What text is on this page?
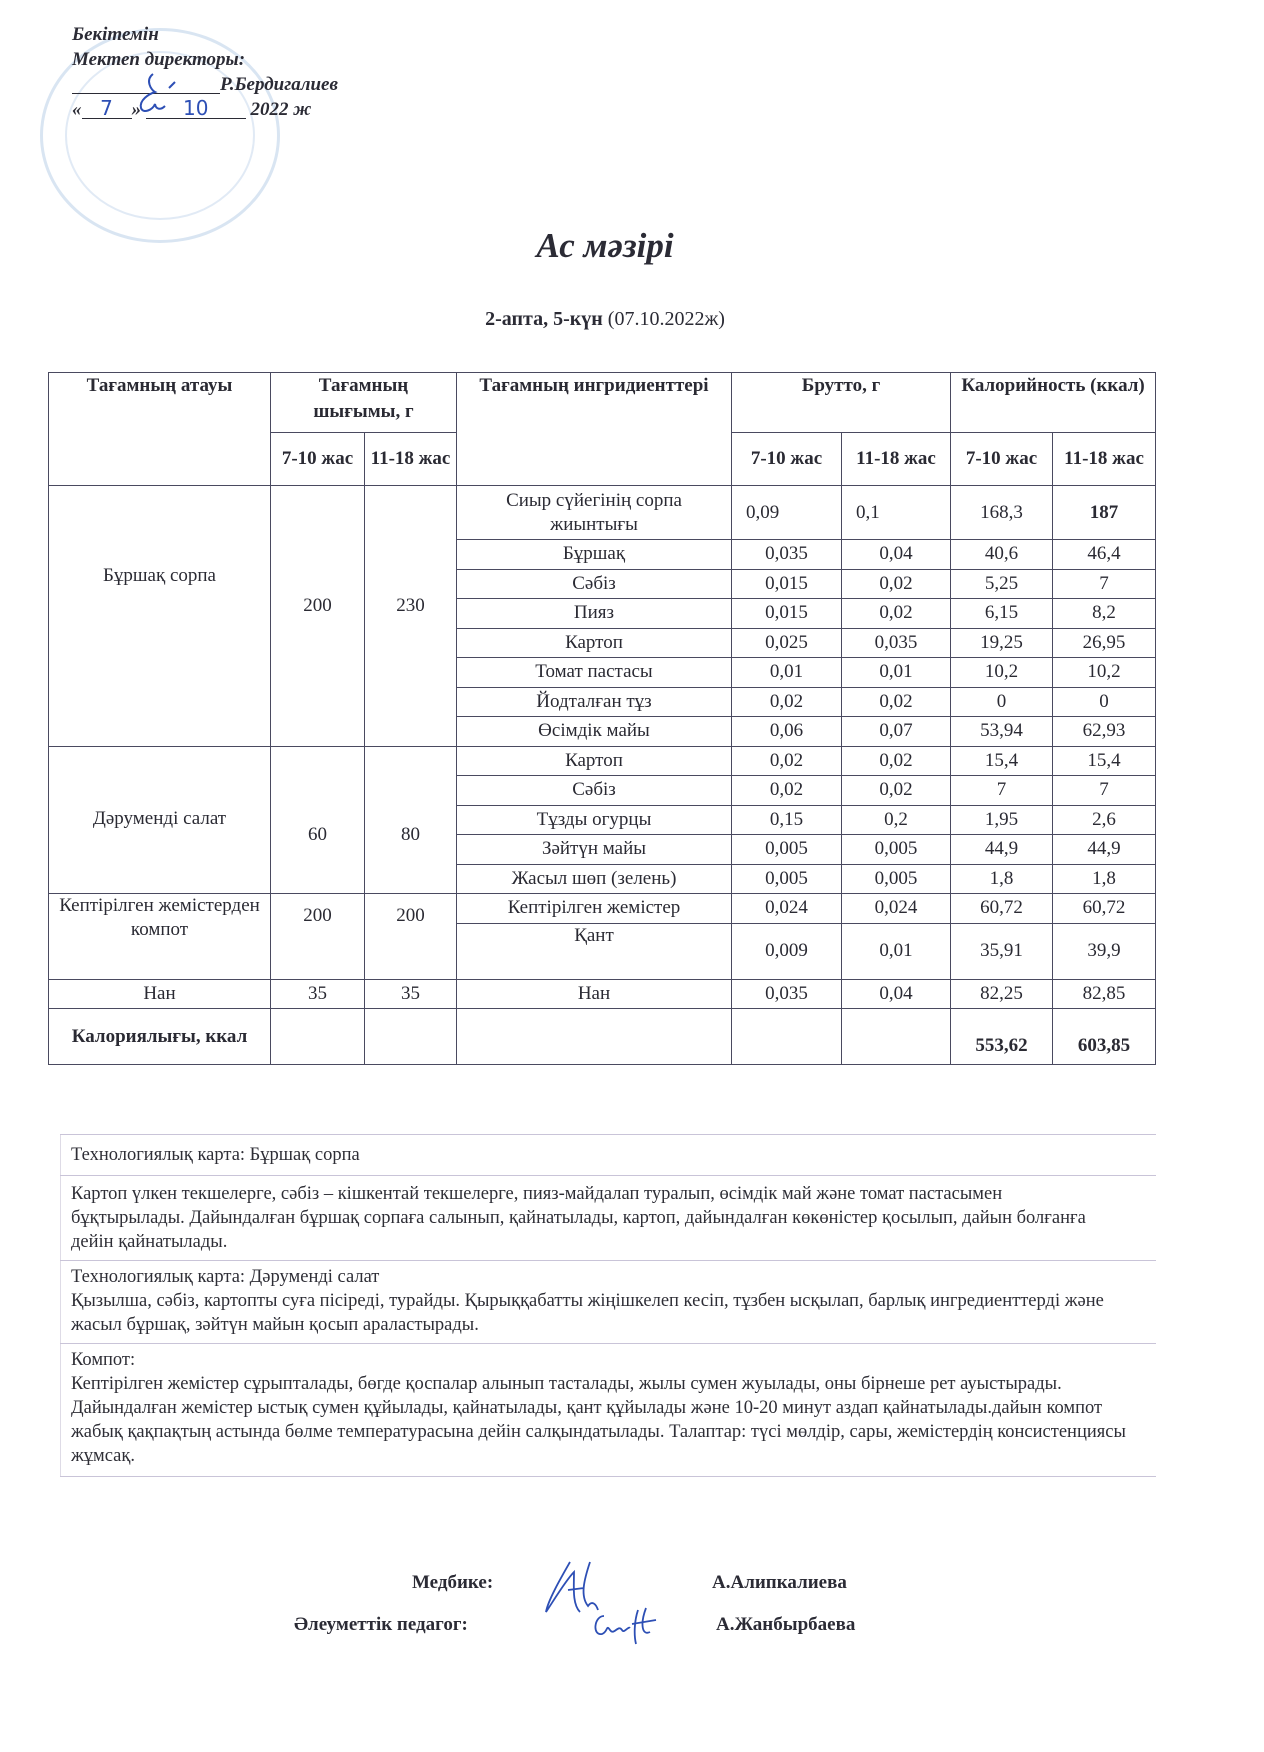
Бекітемін
Мектеп директоры:
Р.Бердигалиев
« 7 » 10 2022 ж
Ас мәзірі
2-апта, 5-күн (07.10.2022ж)
Тағамның атауы	Тағамның шығымы, г		Тағамның ингридиенттері	Брутто, г		Калорийность (ккал)	
	7-10 жас	11-18 жас		7-10 жас	11-18 жас	7-10 жас	11-18 жас
Бұршақ сорпа	200	230	Сиыр сүйегінің сорпа жиынтығы	0,09	0,1	168,3	187
			Бұршақ	0,035	0,04	40,6	46,4
			Сәбіз	0,015	0,02	5,25	7
			Пияз	0,015	0,02	6,15	8,2
			Картоп	0,025	0,035	19,25	26,95
			Томат пастасы	0,01	0,01	10,2	10,2
			Йодталған тұз	0,02	0,02	0	0
			Өсімдік майы	0,06	0,07	53,94	62,93
Дәруменді салат	60	80	Картоп	0,02	0,02	15,4	15,4
			Сәбіз	0,02	0,02	7	7
			Тұзды огурцы	0,15	0,2	1,95	2,6
			Зәйтүн майы	0,005	0,005	44,9	44,9
			Жасыл шөп (зелень)	0,005	0,005	1,8	1,8
Кептірілген жемістерден компот	200	200	Кептірілген жемістер	0,024	0,024	60,72	60,72
			Қант	0,009	0,01	35,91	39,9
Нан	35	35	Нан	0,035	0,04	82,25	82,85
Калориялығы, ккал						553,62	603,85
Технологиялық карта: Бұршақ сорпа

Картоп үлкен текшелерге, сәбіз – кішкентай текшелерге, пияз-майдалап туралып, өсімдік май және томат пастасымен бұқтырылады. Дайындалған бұршақ сорпаға салынып, қайнатылады, картоп, дайындалған көкөністер қосылып, дайын болғанға дейін қайнатылады.

Технологиялық карта: Дәруменді салат
Қызылша, сәбіз, картопты суға пісіреді, турайды. Қырыққабатты жіңішкелеп кесіп, тұзбен ысқылап, барлық ингредиенттерді және жасыл бұршақ, зәйтүн майын қосып араластырады.

Компот:
Кептірілген жемістер сұрыпталады, бөгде қоспалар алынып тасталады, жылы сумен жуылады, оны бірнеше рет ауыстырады. Дайындалған жемістер ыстық сумен құйылады, қайнатылады, қант құйылады және 10-20 минут аздап қайнатылады.дайын компот жабық қақпақтың астында бөлме температурасына дейін салқындатылады. Талаптар: түсі мөлдір, сары, жемістердің консистенциясы жұмсақ.
Медбике:	А.Алипкалиева
Әлеуметтік педагог:	А.Жанбырбаева
